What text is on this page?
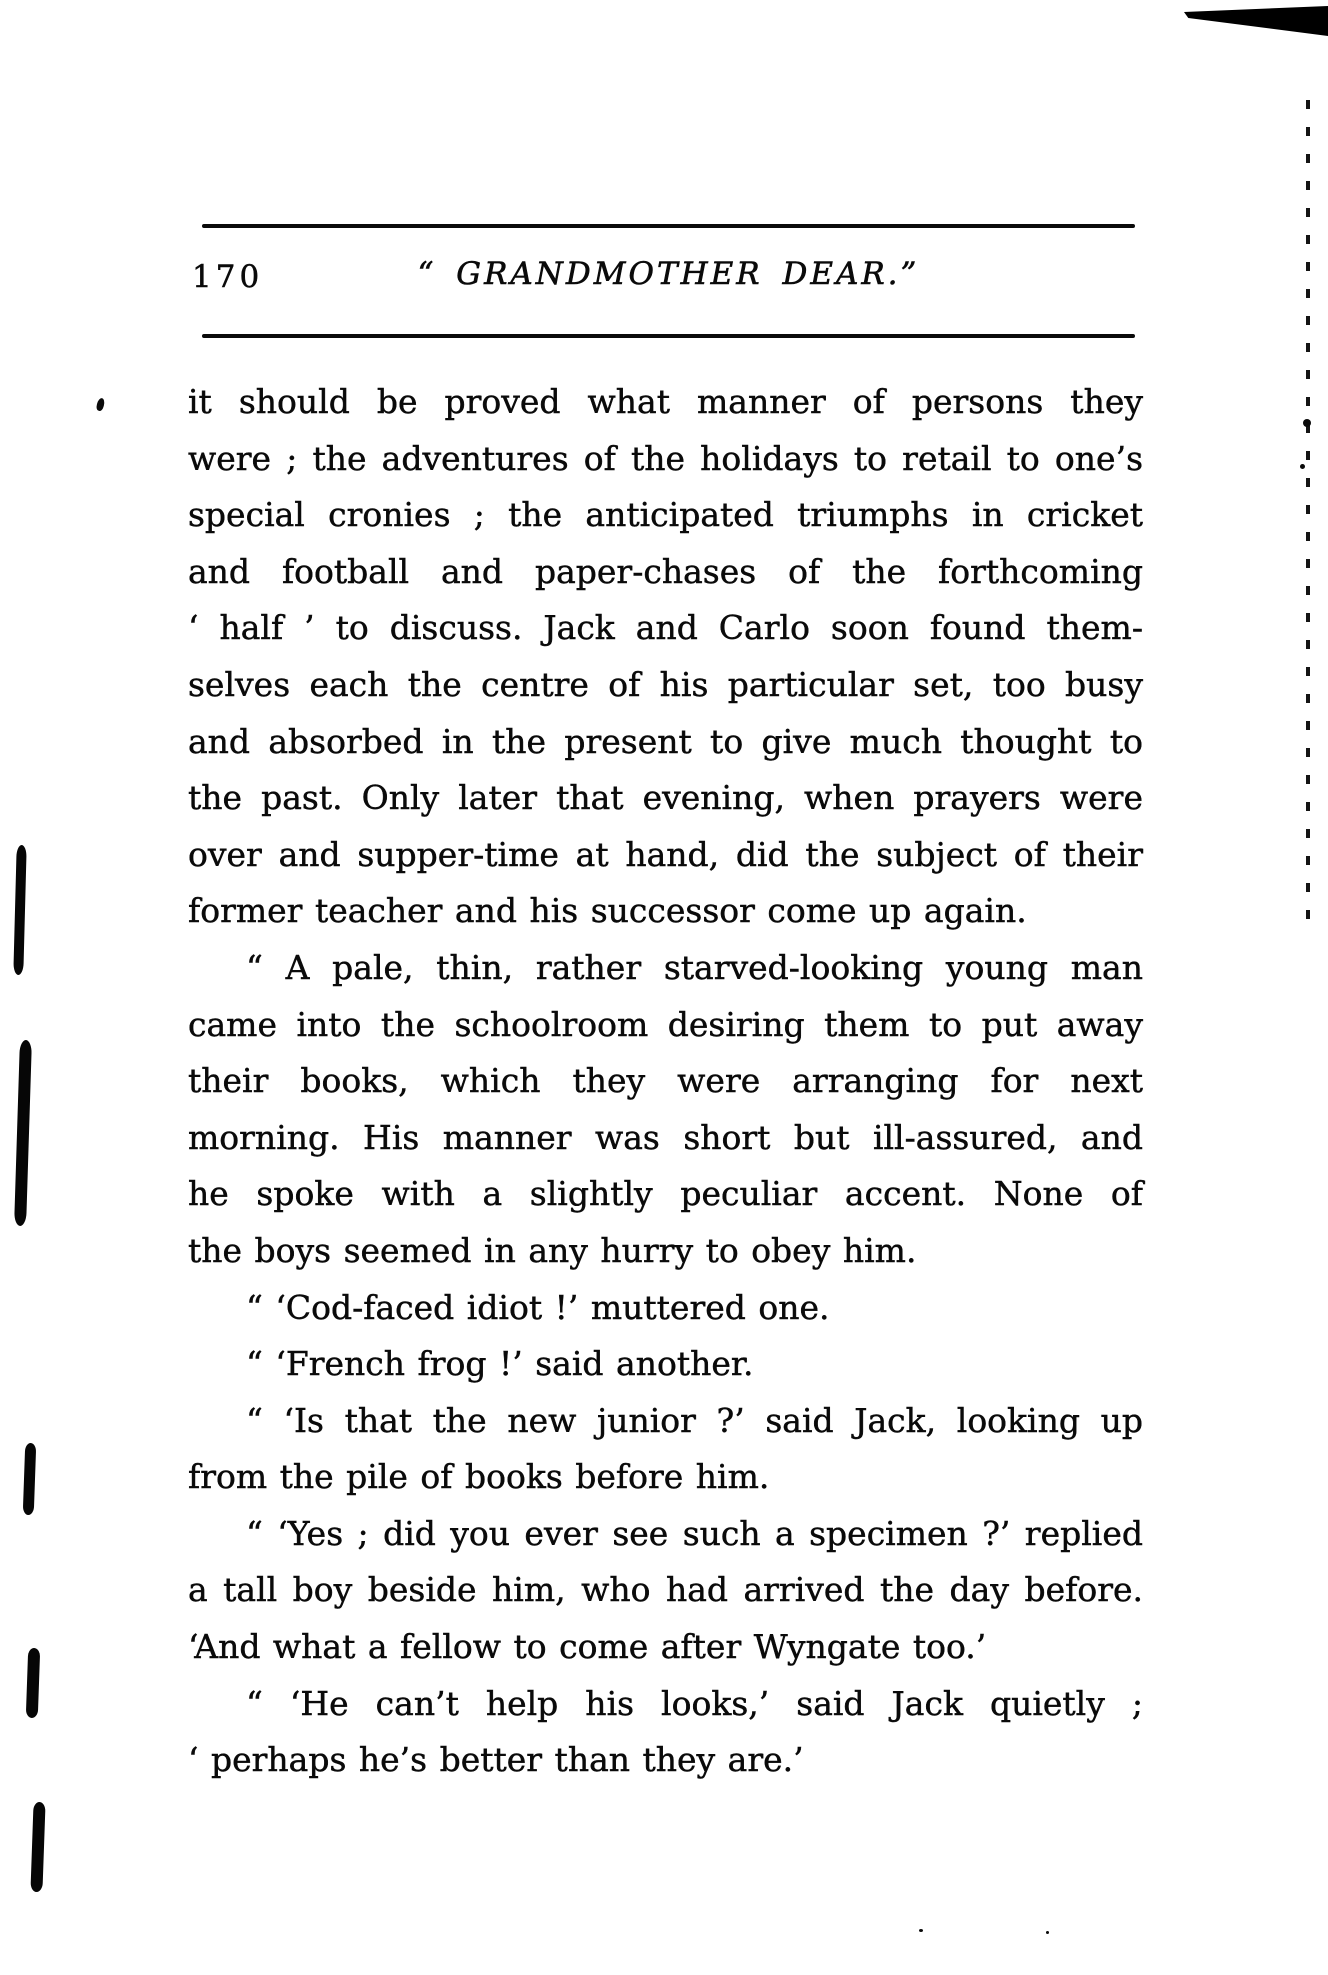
170	“ GRANDMOTHER DEAR.”
it should be proved what manner of persons they
were ; the adventures of the holidays to retail to one’s
special cronies ; the anticipated triumphs in cricket
and football and paper-chases of the forthcoming
‘ half ’ to discuss. Jack and Carlo soon found them-
selves each the centre of his particular set, too busy
and absorbed in the present to give much thought to
the past. Only later that evening, when prayers were
over and supper-time at hand, did the subject of their
former teacher and his successor come up again.
“ A pale, thin, rather starved-looking young man
came into the schoolroom desiring them to put away
their books, which they were arranging for next
morning. His manner was short but ill-assured, and
he spoke with a slightly peculiar accent. None of
the boys seemed in any hurry to obey him.
“ ‘Cod-faced idiot !’ muttered one.
“ ‘French frog !’ said another.
“ ‘Is that the new junior ?’ said Jack, looking up
from the pile of books before him.
“ ‘Yes ; did you ever see such a specimen ?’ replied
a tall boy beside him, who had arrived the day before.
‘And what a fellow to come after Wyngate too.’
“ ‘He can’t help his looks,’ said Jack quietly ;
‘ perhaps he’s better than they are.’
